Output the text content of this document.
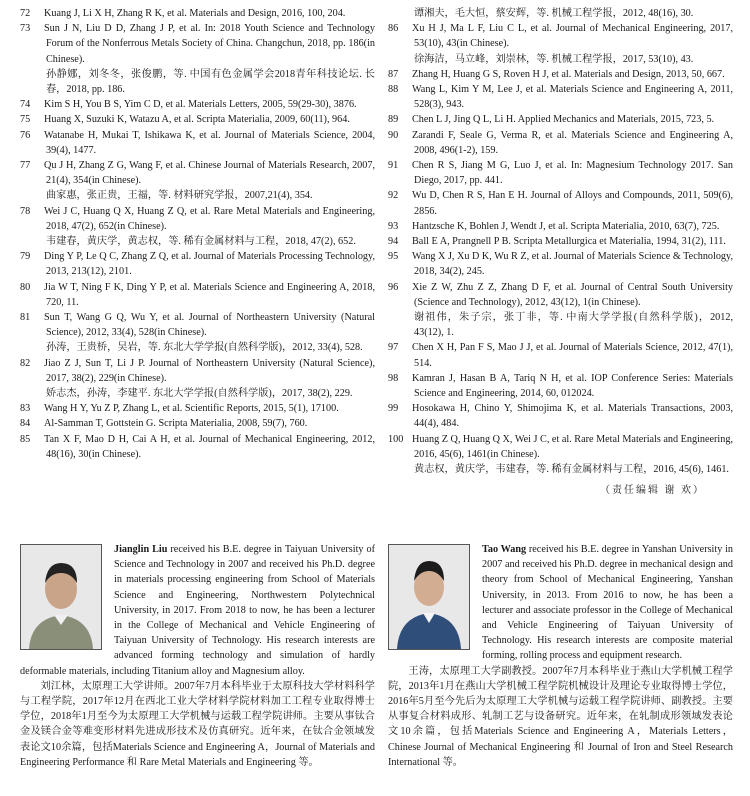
72 Kuang J, Li X H, Zhang R K, et al. Materials and Design, 2016, 100, 204.
73 Sun J N, Liu D D, Zhang J P, et al. In: 2018 Youth Science and Technology Forum of the Nonferrous Metals Society of China. Changchun, 2018, pp. 186(in Chinese).
孙静娜，刘冬冬，张俊鹏，等. 中国有色金属学会2018青年科技论坛. 长春，2018, pp. 186.
74 Kim S H, You B S, Yim C D, et al. Materials Letters, 2005, 59(29-30), 3876.
75 Huang X, Suzuki K, Watazu A, et al. Scripta Materialia, 2009, 60(11), 964.
76 Watanabe H, Mukai T, Ishikawa K, et al. Journal of Materials Science, 2004, 39(4), 1477.
77 Qu J H, Zhang Z G, Wang F, et al. Chinese Journal of Materials Research, 2007, 21(4), 354(in Chinese).
曲家惠，张正贵，王福，等. 材料研究学报，2007,21(4), 354.
78 Wei J C, Huang Q X, Huang Z Q, et al. Rare Metal Materials and Engineering, 2018, 47(2), 652(in Chinese).
韦建春，黄庆学，黄志权，等. 稀有金属材料与工程，2018, 47(2), 652.
79 Ding Y P, Le Q C, Zhang Z Q, et al. Journal of Materials Processing Technology, 2013, 213(12), 2101.
80 Jia W T, Ning F K, Ding Y P, et al. Materials Science and Engineering A, 2018, 720, 11.
81 Sun T, Wang G Q, Wu Y, et al. Journal of Northeastern University (Natural Science), 2012, 33(4), 528(in Chinese).
孙涛，王贵桥，吴岩，等. 东北大学学报(自然科学版)，2012, 33(4), 528.
82 Jiao Z J, Sun T, Li J P. Journal of Northeastern University (Natural Science), 2017, 38(2), 229(in Chinese).
娇志杰，孙涛，李建平. 东北大学学报(自然科学版)，2017, 38(2), 229.
83 Wang H Y, Yu Z P, Zhang L, et al. Scientific Reports, 2015, 5(1), 17100.
84 Al-Samman T, Gottstein G. Scripta Materialia, 2008, 59(7), 760.
85 Tan X F, Mao D H, Cai A H, et al. Journal of Mechanical Engineering, 2012, 48(16), 30(in Chinese).
谭湘夫，毛大恒，蔡安辉，等. 机械工程学报，2012, 48(16), 30.
86 Xu H J, Ma L F, Liu C L, et al. Journal of Mechanical Engineering, 2017, 53(10), 43(in Chinese).
徐海洁，马立峰，刘崇林，等. 机械工程学报，2017, 53(10), 43.
87 Zhang H, Huang G S, Roven H J, et al. Materials and Design, 2013, 50, 667.
88 Wang L, Kim Y M, Lee J, et al. Materials Science and Engineering A, 2011, 528(3), 943.
89 Chen L J, Jing Q L, Li H. Applied Mechanics and Materials, 2015, 723, 5.
90 Zarandi F, Seale G, Verma R, et al. Materials Science and Engineering A, 2008, 496(1-2), 159.
91 Chen R S, Jiang M G, Luo J, et al. In: Magnesium Technology 2017. San Diego, 2017, pp. 441.
92 Wu D, Chen R S, Han E H. Journal of Alloys and Compounds, 2011, 509(6), 2856.
93 Hantzsche K, Bohlen J, Wendt J, et al. Scripta Materialia, 2010, 63(7), 725.
94 Ball E A, Prangnell P B. Scripta Metallurgica et Materialia, 1994, 31(2), 111.
95 Wang X J, Xu D K, Wu R Z, et al. Journal of Materials Science & Technology, 2018, 34(2), 245.
96 Xie Z W, Zhu Z Z, Zhang D F, et al. Journal of Central South University (Science and Technology), 2012, 43(12), 1(in Chinese).
谢祖伟，朱子宗，张丁非，等. 中南大学学报(自然科学版)，2012, 43(12), 1.
97 Chen X H, Pan F S, Mao J J, et al. Journal of Materials Science, 2012, 47(1), 514.
98 Kamran J, Hasan B A, Tariq N H, et al. IOP Conference Series: Materials Science and Engineering, 2014, 60, 012024.
99 Hosokawa H, Chino Y, Shimojima K, et al. Materials Transactions, 2003, 44(4), 484.
100 Huang Z Q, Huang Q X, Wei J C, et al. Rare Metal Materials and Engineering, 2016, 45(6), 1461(in Chinese).
黄志权，黄庆学，韦建春，等. 稀有金属材料与工程，2016, 45(6), 1461.
（责任编辑 谢 欢）

Jianglin Liu received his B.E. degree in Taiyuan University of Science and Technology in 2007 and received his Ph.D. degree in materials processing engineering from School of Materials Science and Engineering, Northwestern Polytechnical University, in 2017. From 2018 to now, he has been a lecturer in the College of Mechanical and Vehicle Engineering of Taiyuan University of Technology. His research interests are advanced forming technology and simulation of hardly deformable materials, including Titanium alloy and Magnesium alloy.

刘江林，太原理工大学讲师。2007年7月本科毕业于太原科技大学材料科学与工程学院，2017年12月在西北工业大学材料学院材料加工工程专业取得博士学位，2018年1月至今为太原理工大学机械与运载工程学院讲师。主要从事钛合金及镁合金等难变形材料先进成形技术及仿真研究。近年来，在钛合金领域发表论文10余篇，包括Materials Science and Engineering A，Journal of Materials and Engineering Performance 和 Rare Metal Materials and Engineering 等。

Tao Wang received his B.E. degree in Yanshan University in 2007 and received his Ph.D. degree in mechanical design and theory from School of Mechanical Engineering, Yanshan University, in 2013. From 2016 to now, he has been a lecturer and associate professor in the College of Mechanical and Vehicle Engineering of Taiyuan University of Technology. His research interests are composite material forming, rolling process and equipment research.

王涛，太原理工大学副教授。2007年7月本科毕业于燕山大学机械工程学院，2013年1月在燕山大学机械工程学院机械设计及理论专业取得博士学位，2016年5月至今先后为太原理工大学机械与运载工程学院讲师、副教授。主要从事复合材料成形、轧制工艺与设备研究。近年来，在轧制成形领域发表论文10余篇，包括Materials Science and Engineering A，Materials Letters，Chinese Journal of Mechanical Engineering 和 Journal of Iron and Steel Research International 等。
